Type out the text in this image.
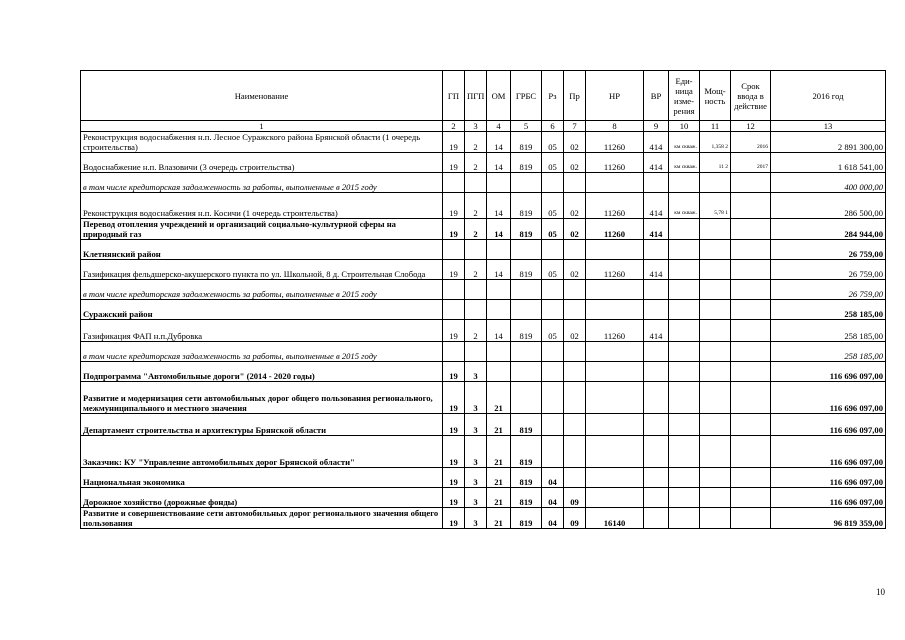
Наименование	ГП	ПГП	ОМ	ГРБС	Рз	Пр	НР	ВР	Еди-ница изме-рения	Мощ-ность	Срок ввода в действие	2016 год
1	2	3	4	5	6	7	8	9	10	11	12	13
Реконструкция водоснабжения н.п. Лесное Суражского района Брянской области (1 очередь строительства)	19	2	14	819	05	02	11260	414	км скваж.	1,358 2	2016	2 891 300,00
Водоснабжение н.п. Влазовичи (3 очередь строительства)	19	2	14	819	05	02	11260	414	км скваж.	11 2	2017	1 618 541,00
в том числе кредиторская задолженность за работы, выполненные в 2015 году												400 000,00
Реконструкция водоснабжения н.п. Косичи (1 очередь строительства)	19	2	14	819	05	02	11260	414	км скваж.	5,78 1		286 500,00
Перевод отопления учреждений и организаций социально-культурной сферы на природный газ	19	2	14	819	05	02	11260	414				284 944,00
Клетнянский район												26 759,00
Газификация фельдшерско-акушерского пункта по ул. Школьной, 8 д. Строительная Слобода	19	2	14	819	05	02	11260	414				26 759,00
в том числе кредиторская задолженность за работы, выполненные в 2015 году												26 759,00
Суражский район												258 185,00
Газификация ФАП н.п.Дубровка	19	2	14	819	05	02	11260	414				258 185,00
в том числе кредиторская задолженность за работы, выполненные в 2015 году												258 185,00
Подпрограмма "Автомобильные дороги" (2014 - 2020 годы)	19	3										116 696 097,00
Развитие и модернизация сети автомобильных дорог общего пользования регионального, межмуниципального и местного значения	19	3	21									116 696 097,00
Департамент строительства и архитектуры Брянской области	19	3	21	819								116 696 097,00
Заказчик: КУ "Управление автомобильных дорог Брянской области"	19	3	21	819								116 696 097,00
Национальная экономика	19	3	21	819	04							116 696 097,00
Дорожное хозяйство (дорожные фонды)	19	3	21	819	04	09						116 696 097,00
Развитие и совершенствование сети автомобильных дорог регионального значения общего пользования	19	3	21	819	04	09	16140					96 819 359,00
10
